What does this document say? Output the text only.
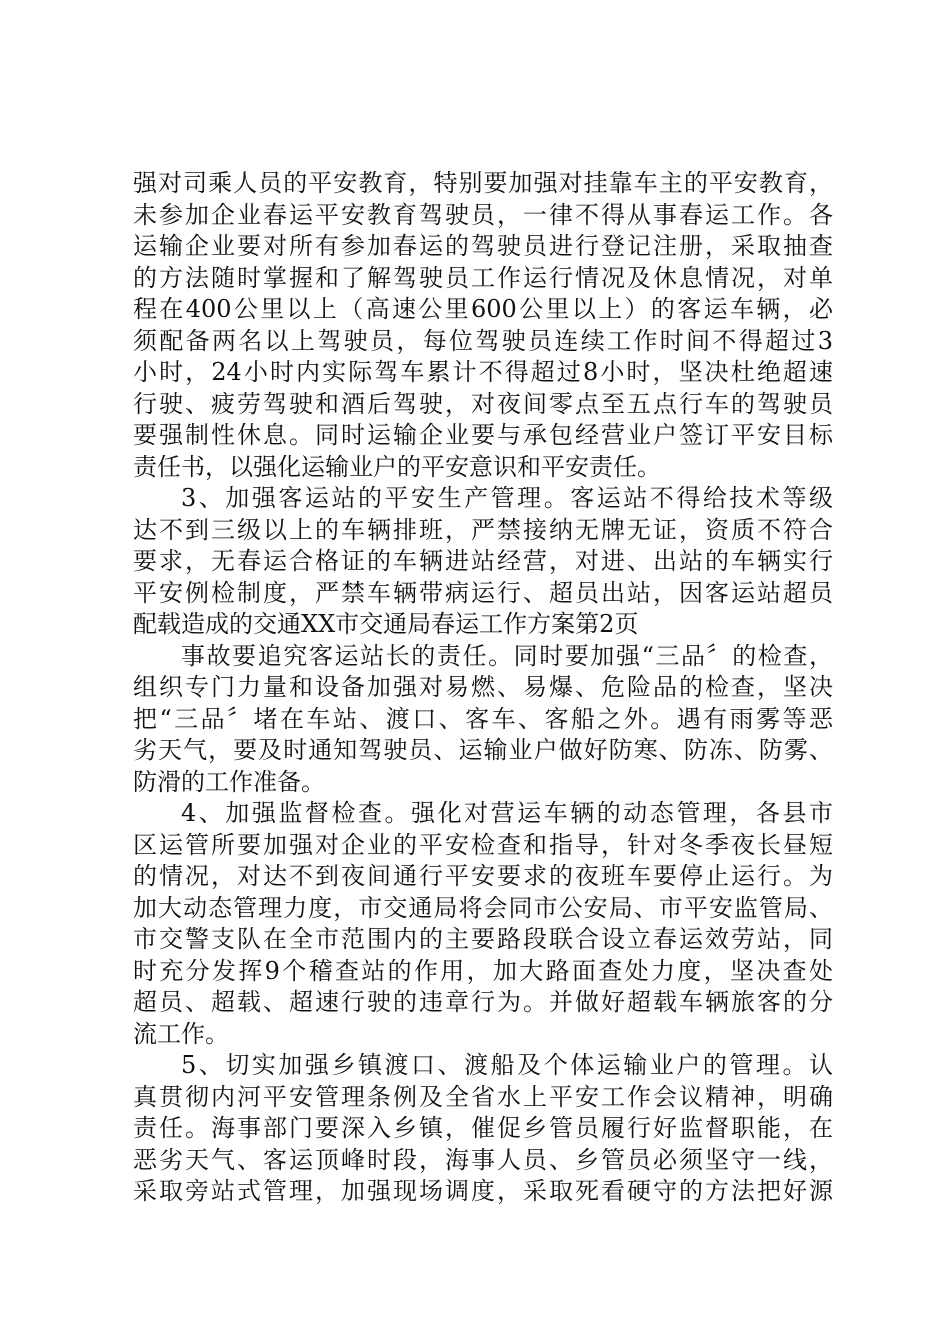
强对司乘人员的平安教育，特别要加强对挂靠车主的平安教育，
未参加企业春运平安教育驾驶员，一律不得从事春运工作。各
运输企业要对所有参加春运的驾驶员进行登记注册，采取抽查
的方法随时掌握和了解驾驶员工作运行情况及休息情况，对单
程在400公里以上（高速公里600公里以上）的客运车辆，必
须配备两名以上驾驶员，每位驾驶员连续工作时间不得超过3
小时，24小时内实际驾车累计不得超过8小时，坚决杜绝超速
行驶、疲劳驾驶和酒后驾驶，对夜间零点至五点行车的驾驶员
要强制性休息。同时运输企业要与承包经营业户签订平安目标
责任书，以强化运输业户的平安意识和平安责任。
3、加强客运站的平安生产管理。客运站不得给技术等级
达不到三级以上的车辆排班，严禁接纳无牌无证，资质不符合
要求，无春运合格证的车辆进站经营，对进、出站的车辆实行
平安例检制度，严禁车辆带病运行、超员出站，因客运站超员
配载造成的交通XX市交通局春运工作方案第2页
事故要追究客运站长的责任。同时要加强“三品〞的检查，
组织专门力量和设备加强对易燃、易爆、危险品的检查，坚决
把“三品〞堵在车站、渡口、客车、客船之外。遇有雨雾等恶
劣天气，要及时通知驾驶员、运输业户做好防寒、防冻、防雾、
防滑的工作准备。
4、加强监督检查。强化对营运车辆的动态管理，各县市
区运管所要加强对企业的平安检查和指导，针对冬季夜长昼短
的情况，对达不到夜间通行平安要求的夜班车要停止运行。为
加大动态管理力度，市交通局将会同市公安局、市平安监管局、
市交警支队在全市范围内的主要路段联合设立春运效劳站，同
时充分发挥9个稽查站的作用，加大路面查处力度，坚决查处
超员、超载、超速行驶的违章行为。并做好超载车辆旅客的分
流工作。
5、切实加强乡镇渡口、渡船及个体运输业户的管理。认
真贯彻内河平安管理条例及全省水上平安工作会议精神，明确
责任。海事部门要深入乡镇，催促乡管员履行好监督职能，在
恶劣天气、客运顶峰时段，海事人员、乡管员必须坚守一线，
采取旁站式管理，加强现场调度，采取死看硬守的方法把好源
